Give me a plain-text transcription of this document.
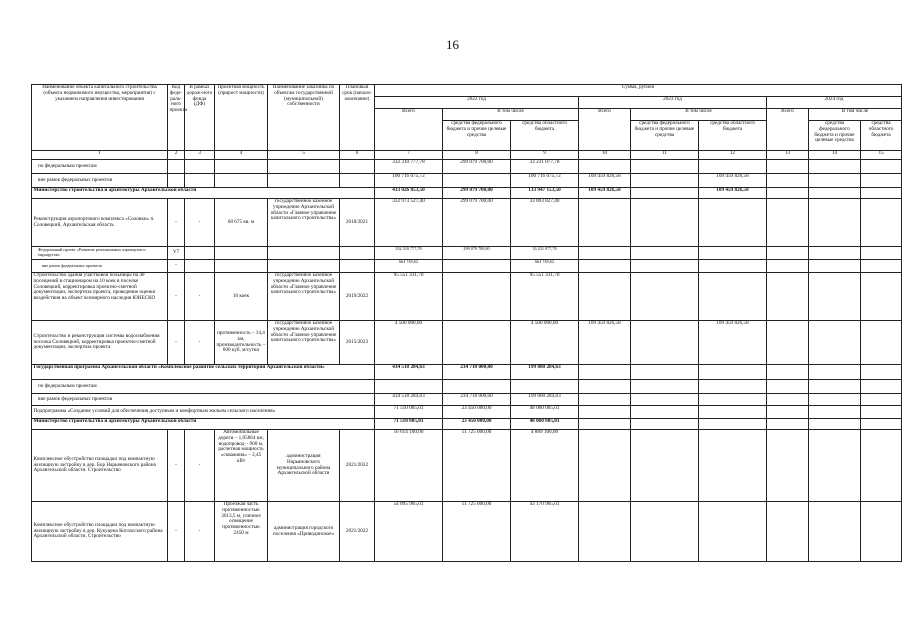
16
Наименование объекта капитального строительства (объекта недвижимого имущества, мероприятия) с указанием направления инвестирования	Код феде-раль-ного проекта	В рамках дорож-ного фонда (ДФ)	Проектная мощность (прирост мощности)	Наименование заказчика по объектам государственной (муниципальной) собственности	Плановый срок (начало-окончание)	Сумма, рублей								
						2022 год			2023 год			2024 год		
						Всего	В том числе		Всего	В том числе		Всего	В том числе	
							средства федерального бюджета и прочие целевые средства	средства областного бюджета		средства федерального бюджета и прочие целевые средства	средства областного бюджета		средства федерального бюджета и прочие целевые средства	средства областного бюджета
1	2	3	4	5	6	7	8	9	10	11	12	13	14	15
по федеральным проектам						332 310 777,78	299 079 700,00	33 231 077,78						
вне рамок федеральных проектов						100 716 075,72		100 716 075,72	109 459 826,58		109 459 826,58			
Министерство строительства и архитектуры Архангельской области						433 026 853,50	299 079 700,00	133 947 153,50	109 459 826,58		109 459 826,58			
Реконструкция аэропортового комплекса «Соловки» п. Соловецкий, Архангельская область	-	-	68 675 кв. м	государственное казенное учреждение Архангельской области «Главное управление капитального строительства»	2018/2021	332 973 527,40	299 079 700,00	33 893 827,40						
Федеральный проект «Развитие региональных аэропортов и маршрутов»	V7					332 310 777,78	299 079 700,00	33 231 077,78						
вне рамок федеральных проектов	-					664 749,62		664 749,62						
Строительство здания участковой больницы на 40 посещений в стационаром на 10 коек в поселке Соловецкий, корректировка проектно-сметной документации, экспертиза проекта, проведение оценки воздействия на объект всемирного наследия ЮНЕСКО	-	-	10 коек	государственное казенное учреждение Архангельской области «Главное управление капитального строительства»	2019/2022	95 551 331,70		95 551 331,70						
Строительство и реконструкция системы водоснабжения поселка Соловецкий, корректировка проектно-сметной документации, экспертиза проекта	-	-	протяженность – 14,4 км, производительность – 600 куб. м/сутки	государственное казенное учреждение Архангельской области «Главное управление капитального строительства»	2015/2023	4 500 000,00		4 500 000,00	109 459 826,58		109 459 826,58			
Государственная программа Архангельской области «Комплексное развитие сельских территорий Архангельской области»						434 518 284,63	234 718 000,00	199 800 284,63						
по федеральным проектам														
вне рамок федеральных проектов						434 518 284,63	234 718 000,00	199 800 284,63						
Подпрограмма «Создание условий для обеспечения доступным и комфортным жильем сельского населения»						71 510 005,01	23 450 000,00	48 060 005,01						
Министерство строительства и архитектуры Архангельской области						71 510 005,01	23 450 000,00	48 060 005,01						
Комплексное обустройство площадки под компактную жилищную застройку в дер. Бор Нарьяновского района Архангельской области. Строительство	-	-	Автомобильные дороги – 1,05864 км, водопровод – 900 м, расчетная мощность «скважина» – 2,45 кВт	администрация Нарьяновского муниципального района Архангельской области	2021/2022	16 614 100,00	11 725 000,00	4 889 100,00						
Комплексное обустройство площадки под компактную жилищную застройку в дер. Кукуцена Котласского района Архангельской области. Строительство	-	-	Проезжая часть протяженностью 3613,5 м, уличное освещение протяженностью 2450 м	администрация городского поселения «Приводинское»	2021/2022	54 895 905,01	11 725 000,00	43 170 905,01						
